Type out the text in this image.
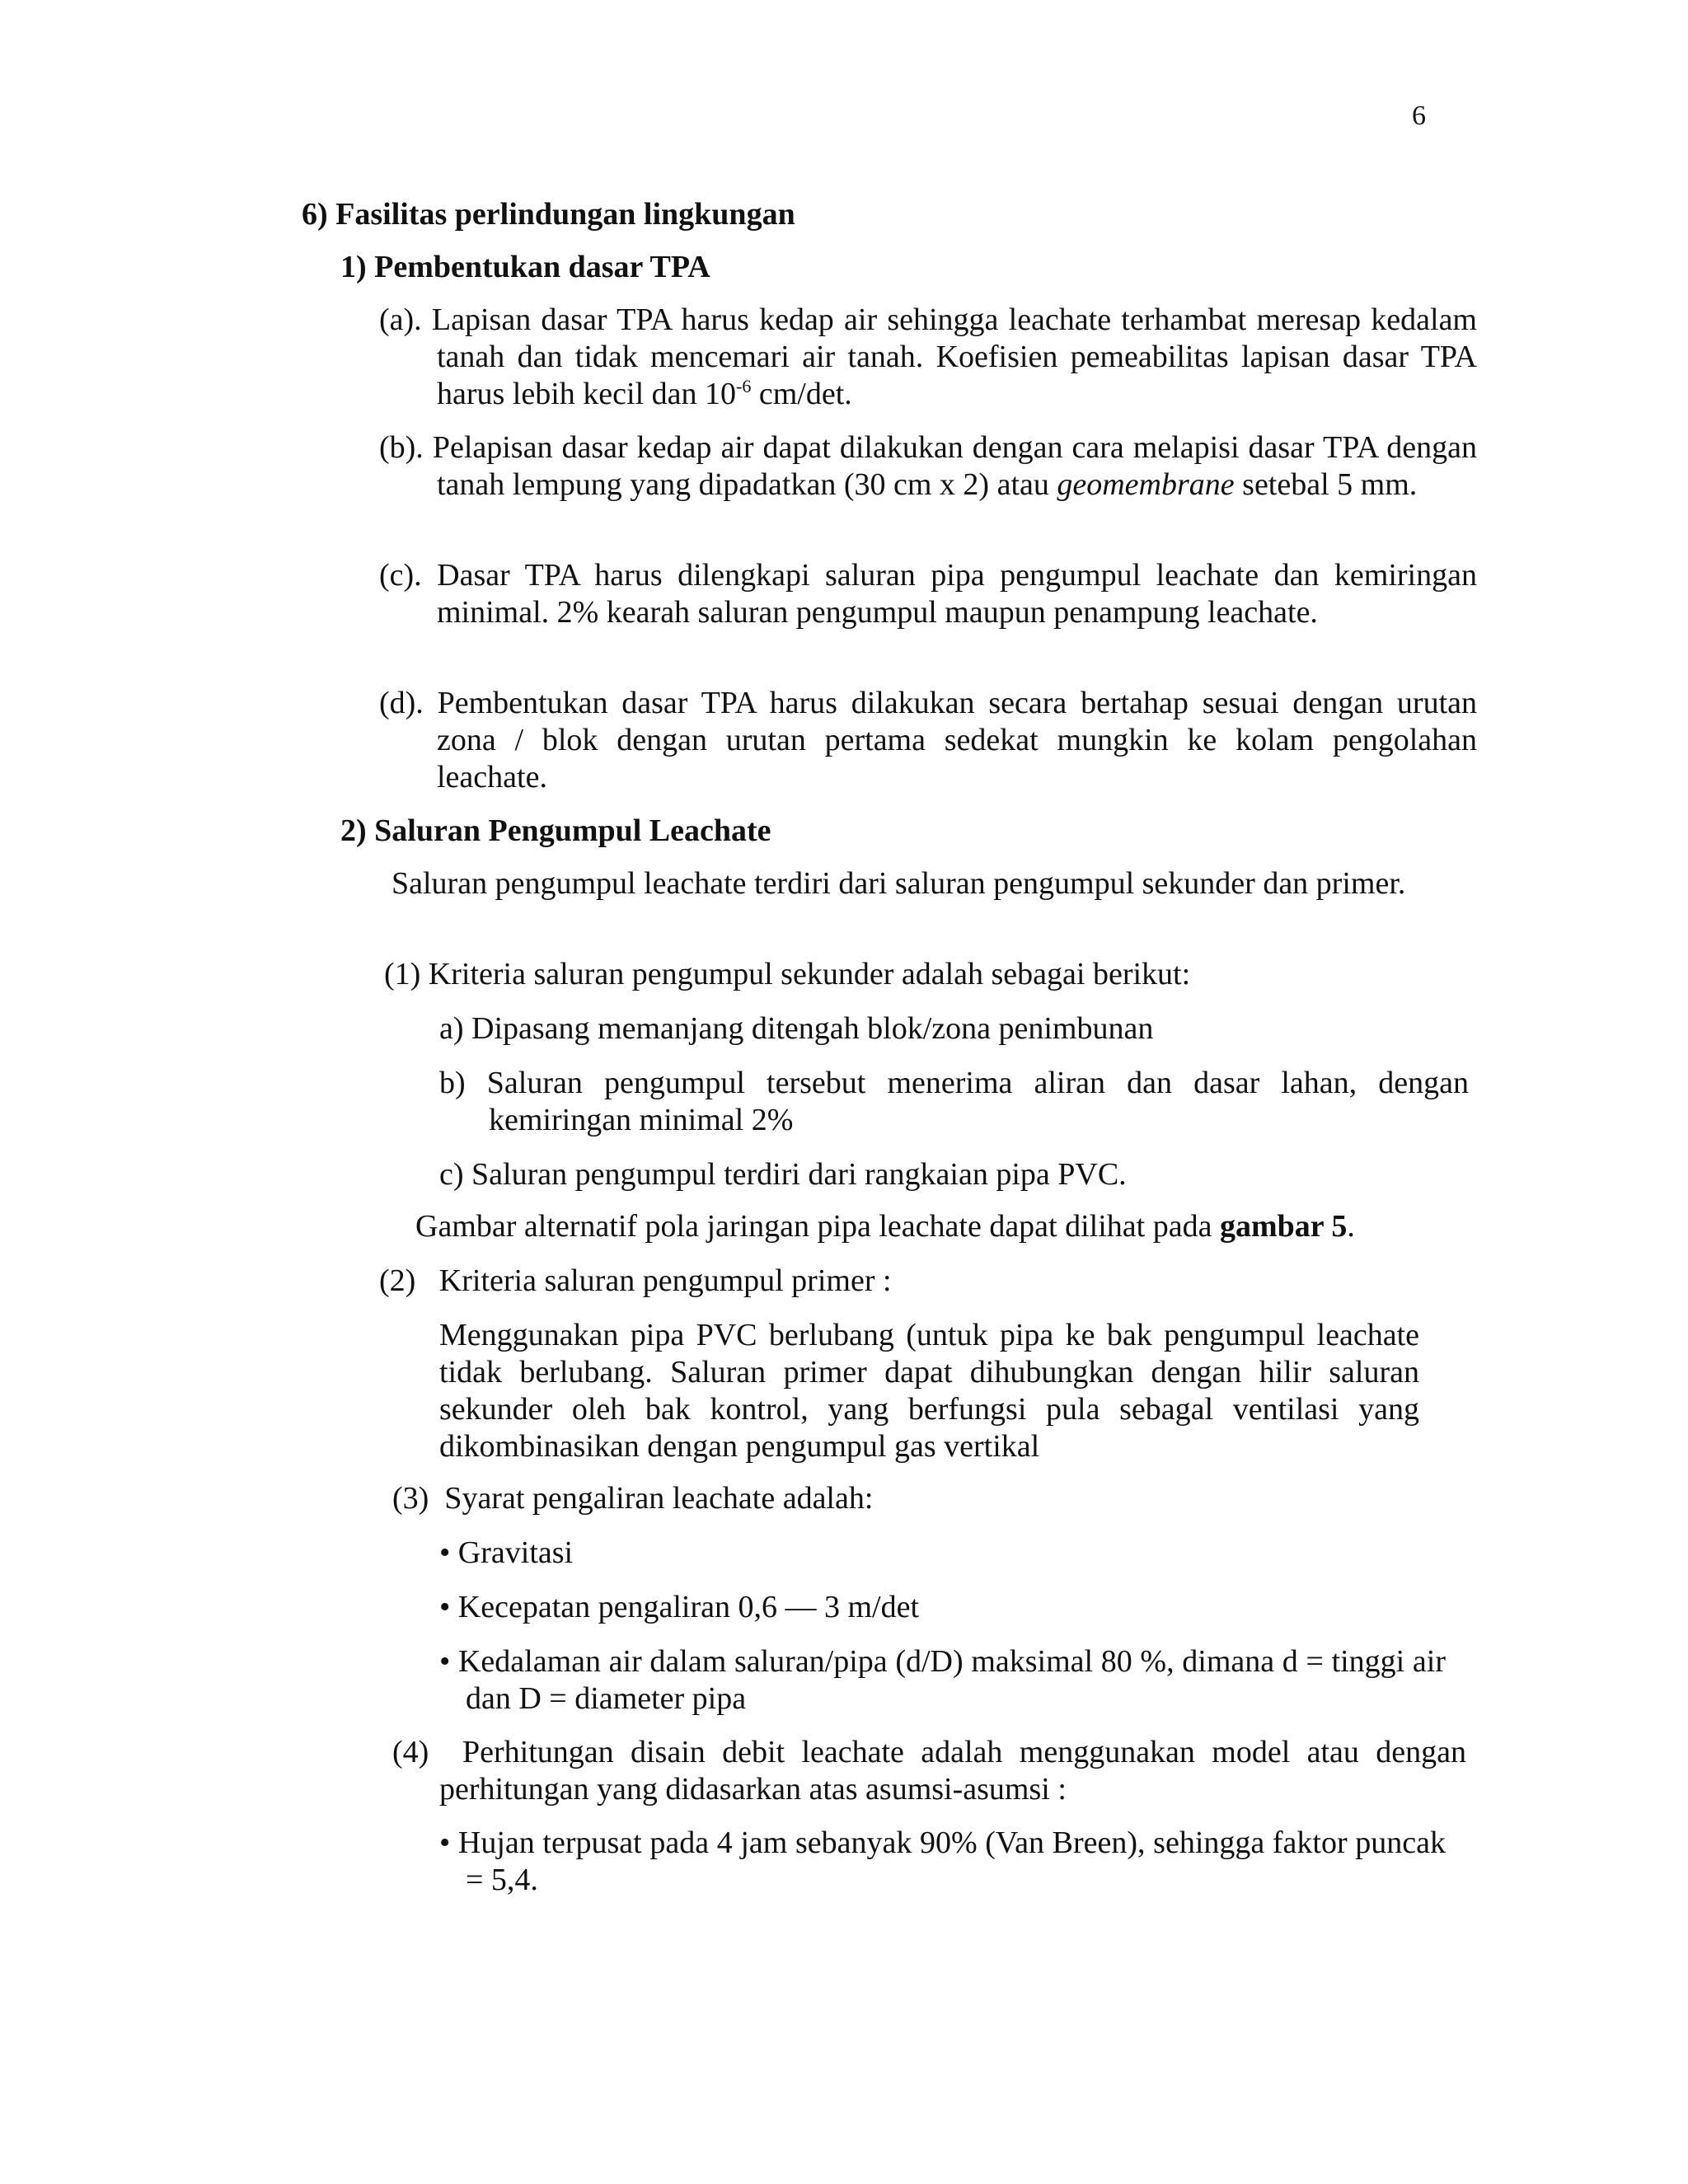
6
6) Fasilitas perlindungan lingkungan
1) Pembentukan dasar TPA

(a). Lapisan dasar TPA harus kedap air sehingga leachate terhambat meresap kedalam tanah dan tidak mencemari air tanah. Koefisien pemeabilitas lapisan dasar TPA harus lebih kecil dan $10^{-6}$ cm/det.

(b). Pelapisan dasar kedap air dapat dilakukan dengan cara melapisi dasar TPA dengan tanah lempung yang dipadatkan (30 cm x 2) atau geomembrane setebal 5 mm.

(c). Dasar TPA harus dilengkapi saluran pipa pengumpul leachate dan kemiringan minimal. 2% kearah saluran pengumpul maupun penampung leachate.

(d). Pembentukan dasar TPA harus dilakukan secara bertahap sesuai dengan urutan zona / blok dengan urutan pertama sedekat mungkin ke kolam pengolahan leachate.

2) Saluran Pengumpul Leachate

Saluran pengumpul leachate terdiri dari saluran pengumpul sekunder dan primer.

(1) Kriteria saluran pengumpul sekunder adalah sebagai berikut:
a) Dipasang memanjang ditengah blok/zona penimbunan

b) Saluran pengumpul tersebut menerima aliran dan dasar lahan, dengan kemiringan minimal 2%

c) Saluran pengumpul terdiri dari rangkaian pipa PVC.
Gambar alternatif pola jaringan pipa leachate dapat dilihat pada gambar 5.
(2)   Kriteria saluran pengumpul primer :

Menggunakan pipa PVC berlubang (untuk pipa ke bak pengumpul leachate tidak berlubang. Saluran primer dapat dihubungkan dengan hilir saluran sekunder oleh bak kontrol, yang berfungsi pula sebagal ventilasi yang dikombinasikan dengan pengumpul gas vertikal

(3)  Syarat pengaliran leachate adalah:
• Gravitasi
• Kecepatan pengaliran 0,6 — 3 m/det

• Kedalaman air dalam saluran/pipa (d/D) maksimal 80 %, dimana d = tinggi air dan D = diameter pipa

(4)  Perhitungan disain debit leachate adalah menggunakan model atau dengan perhitungan yang didasarkan atas asumsi-asumsi :

• Hujan terpusat pada 4 jam sebanyak 90% (Van Breen), sehingga faktor puncak = 5,4.
